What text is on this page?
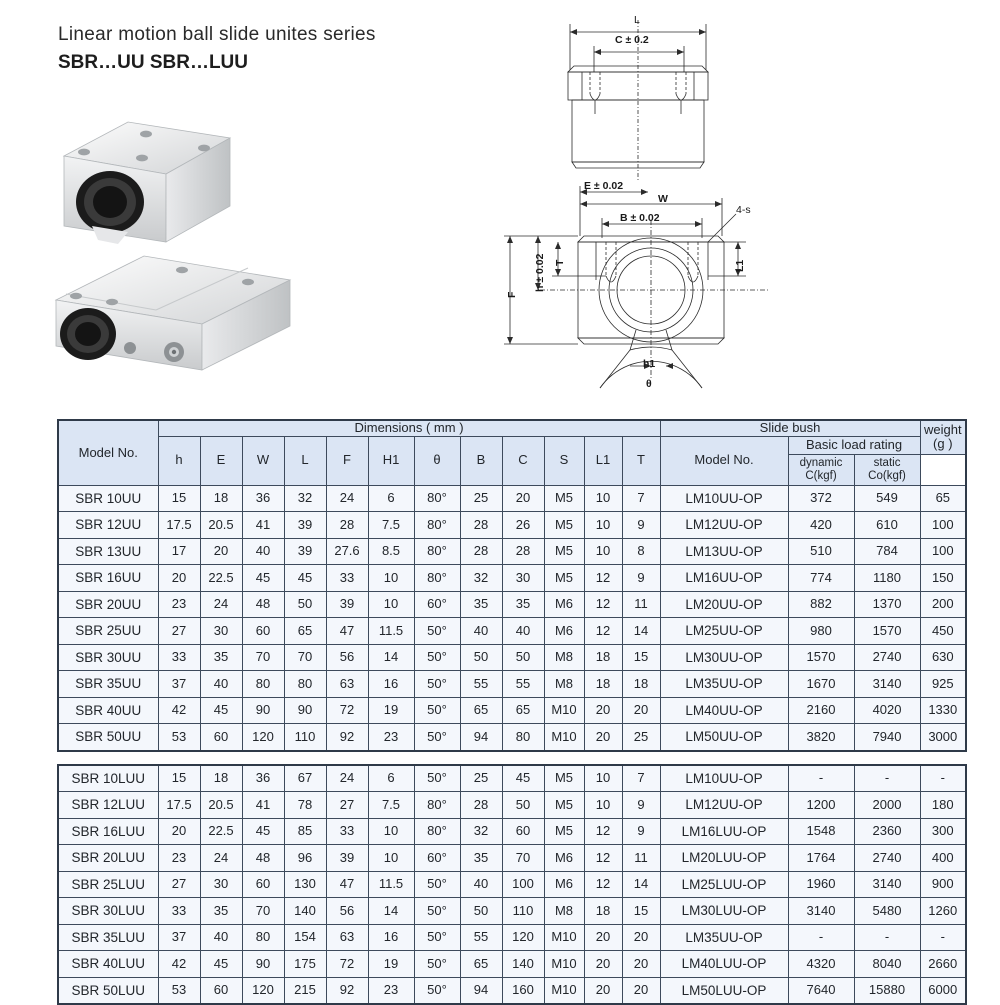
Linear motion ball slide unites series
SBR…UU SBR…LUU
L
C ± 0.2
E ± 0.02
W
B ± 0.02
4-s
T	L1
h ± 0.02
F
h1
θ
Model No.	Dimensions ( mm )												Slide bush			weight
(g )
	h	E	W	L	F	H1	θ	B	C	S	L1	T	Model No.	Basic load rating		
														dynamic
C(kgf)	static
Co(kgf)	
SBR 10UU	15	18	36	32	24	6	80°	25	20	M5	10	7	LM10UU-OP	372	549	65
SBR 12UU	17.5	20.5	41	39	28	7.5	80°	28	26	M5	10	9	LM12UU-OP	420	610	100
SBR 13UU	17	20	40	39	27.6	8.5	80°	28	28	M5	10	8	LM13UU-OP	510	784	100
SBR 16UU	20	22.5	45	45	33	10	80°	32	30	M5	12	9	LM16UU-OP	774	1180	150
SBR 20UU	23	24	48	50	39	10	60°	35	35	M6	12	11	LM20UU-OP	882	1370	200
SBR 25UU	27	30	60	65	47	11.5	50°	40	40	M6	12	14	LM25UU-OP	980	1570	450
SBR 30UU	33	35	70	70	56	14	50°	50	50	M8	18	15	LM30UU-OP	1570	2740	630
SBR 35UU	37	40	80	80	63	16	50°	55	55	M8	18	18	LM35UU-OP	1670	3140	925
SBR 40UU	42	45	90	90	72	19	50°	65	65	M10	20	20	LM40UU-OP	2160	4020	1330
SBR 50UU	53	60	120	110	92	23	50°	94	80	M10	20	25	LM50UU-OP	3820	7940	3000
SBR 10LUU	15	18	36	67	24	6	50°	25	45	M5	10	7	LM10UU-OP	-	-	-
SBR 12LUU	17.5	20.5	41	78	27	7.5	80°	28	50	M5	10	9	LM12UU-OP	1200	2000	180
SBR 16LUU	20	22.5	45	85	33	10	80°	32	60	M5	12	9	LM16LUU-OP	1548	2360	300
SBR 20LUU	23	24	48	96	39	10	60°	35	70	M6	12	11	LM20LUU-OP	1764	2740	400
SBR 25LUU	27	30	60	130	47	11.5	50°	40	100	M6	12	14	LM25LUU-OP	1960	3140	900
SBR 30LUU	33	35	70	140	56	14	50°	50	110	M8	18	15	LM30LUU-OP	3140	5480	1260
SBR 35LUU	37	40	80	154	63	16	50°	55	120	M10	20	20	LM35UU-OP	-	-	-
SBR 40LUU	42	45	90	175	72	19	50°	65	140	M10	20	20	LM40LUU-OP	4320	8040	2660
SBR 50LUU	53	60	120	215	92	23	50°	94	160	M10	20	20	LM50LUU-OP	7640	15880	6000
